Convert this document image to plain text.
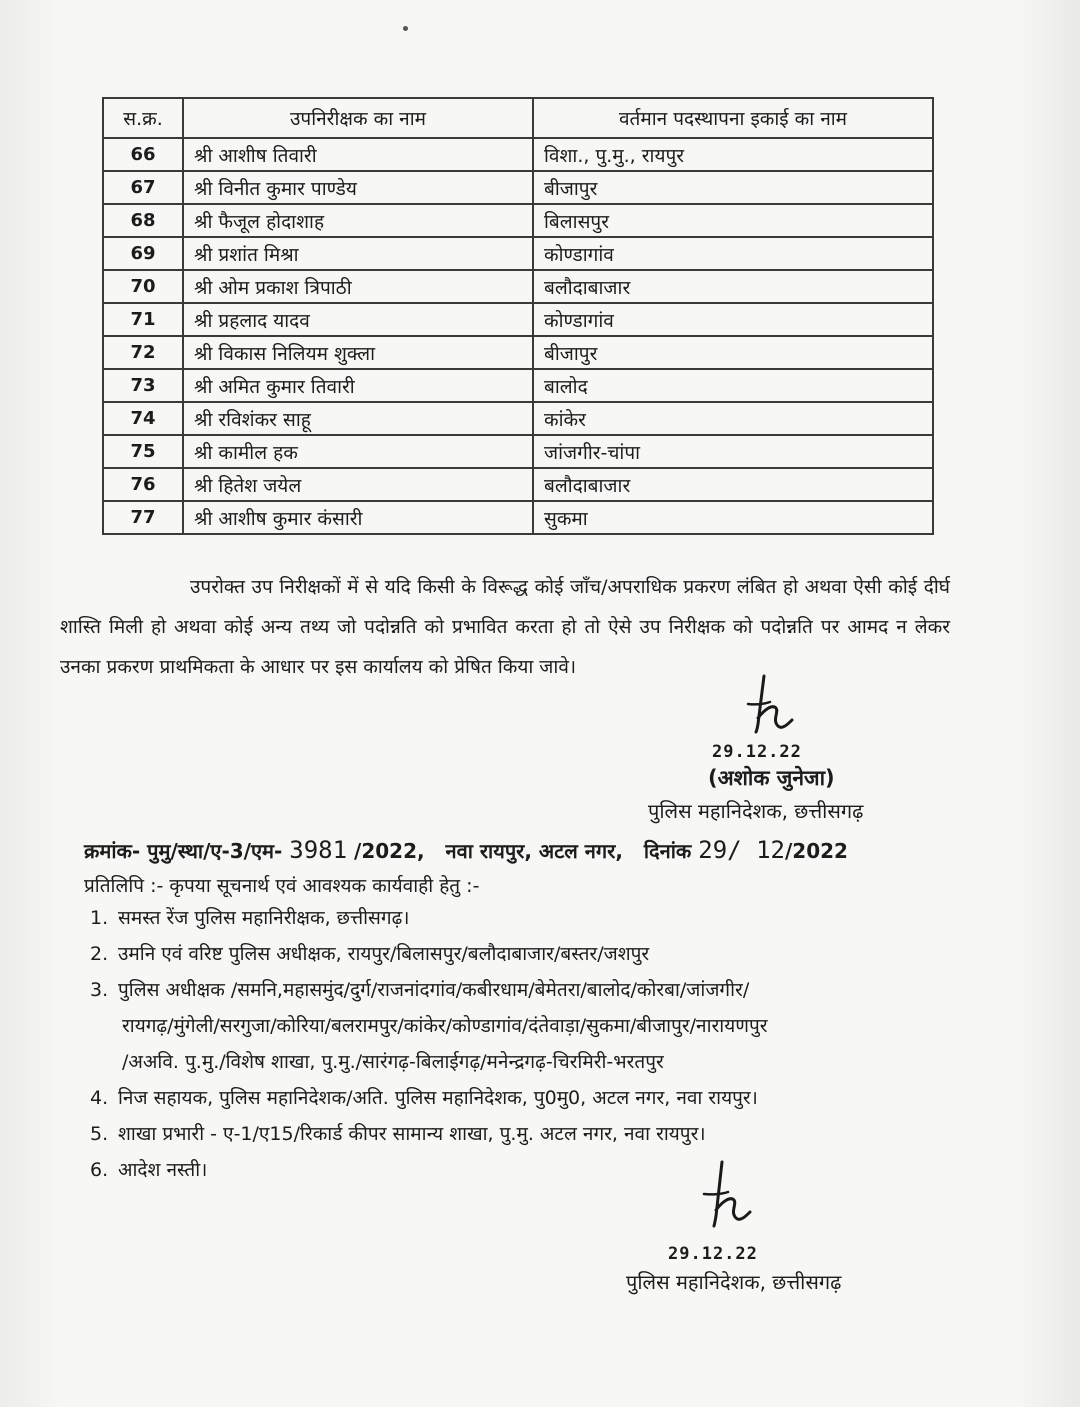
स.क्र.	उपनिरीक्षक का नाम	वर्तमान पदस्थापना इकाई का नाम
66	श्री आशीष तिवारी	विशा., पु.मु., रायपुर
67	श्री विनीत कुमार पाण्डेय	बीजापुर
68	श्री फैजूल होदाशाह	बिलासपुर
69	श्री प्रशांत मिश्रा	कोण्डागांव
70	श्री ओम प्रकाश त्रिपाठी	बलौदाबाजार
71	श्री प्रहलाद यादव	कोण्डागांव
72	श्री विकास निलियम शुक्ला	बीजापुर
73	श्री अमित कुमार तिवारी	बालोद
74	श्री रविशंकर साहू	कांकेर
75	श्री कामील हक	जांजगीर-चांपा
76	श्री हितेश जयेल	बलौदाबाजार
77	श्री आशीष कुमार कंसारी	सुकमा

उपरोक्त उप निरीक्षकों में से यदि किसी के विरूद्ध कोई जाँच/अपराधिक प्रकरण लंबित हो अथवा ऐसी कोई दीर्घ शास्ति मिली हो अथवा कोई अन्य तथ्य जो पदोन्नति को प्रभावित करता हो तो ऐसे उप निरीक्षक को पदोन्नति पर आमद न लेकर उनका प्रकरण प्राथमिकता के आधार पर इस कार्यालय को प्रेषित किया जावे।

29.12.22
(अशोक जुनेजा)
पुलिस महानिदेशक, छत्तीसगढ़
क्रमांक- पुमु/स्था/ए-3/एम- 3981 /2022, नवा रायपुर, अटल नगर, दिनांक 29/ 12/2022
प्रतिलिपि :- कृपया सूचनार्थ एवं आवश्यक कार्यवाही हेतु :-
1. समस्त रेंज पुलिस महानिरीक्षक, छत्तीसगढ़।
2. उमनि एवं वरिष्ट पुलिस अधीक्षक, रायपुर/बिलासपुर/बलौदाबाजार/बस्तर/जशपुर
3. पुलिस अधीक्षक /समनि,महासमुंद/दुर्ग/राजनांदगांव/कबीरधाम/बेमेतरा/बालोद/कोरबा/जांजगीर/
रायगढ़/मुंगेली/सरगुजा/कोरिया/बलरामपुर/कांकेर/कोण्डागांव/दंतेवाड़ा/सुकमा/बीजापुर/नारायणपुर
/अअवि. पु.मु./विशेष शाखा, पु.मु./सारंगढ़-बिलाईगढ़/मनेन्द्रगढ़-चिरमिरी-भरतपुर
4. निज सहायक, पुलिस महानिदेशक/अति. पुलिस महानिदेशक, पु0मु0, अटल नगर, नवा रायपुर।
5. शाखा प्रभारी - ए-1/ए15/रिकार्ड कीपर सामान्य शाखा, पु.मु. अटल नगर, नवा रायपुर।
6. आदेश नस्ती।
29.12.22
पुलिस महानिदेशक, छत्तीसगढ़
